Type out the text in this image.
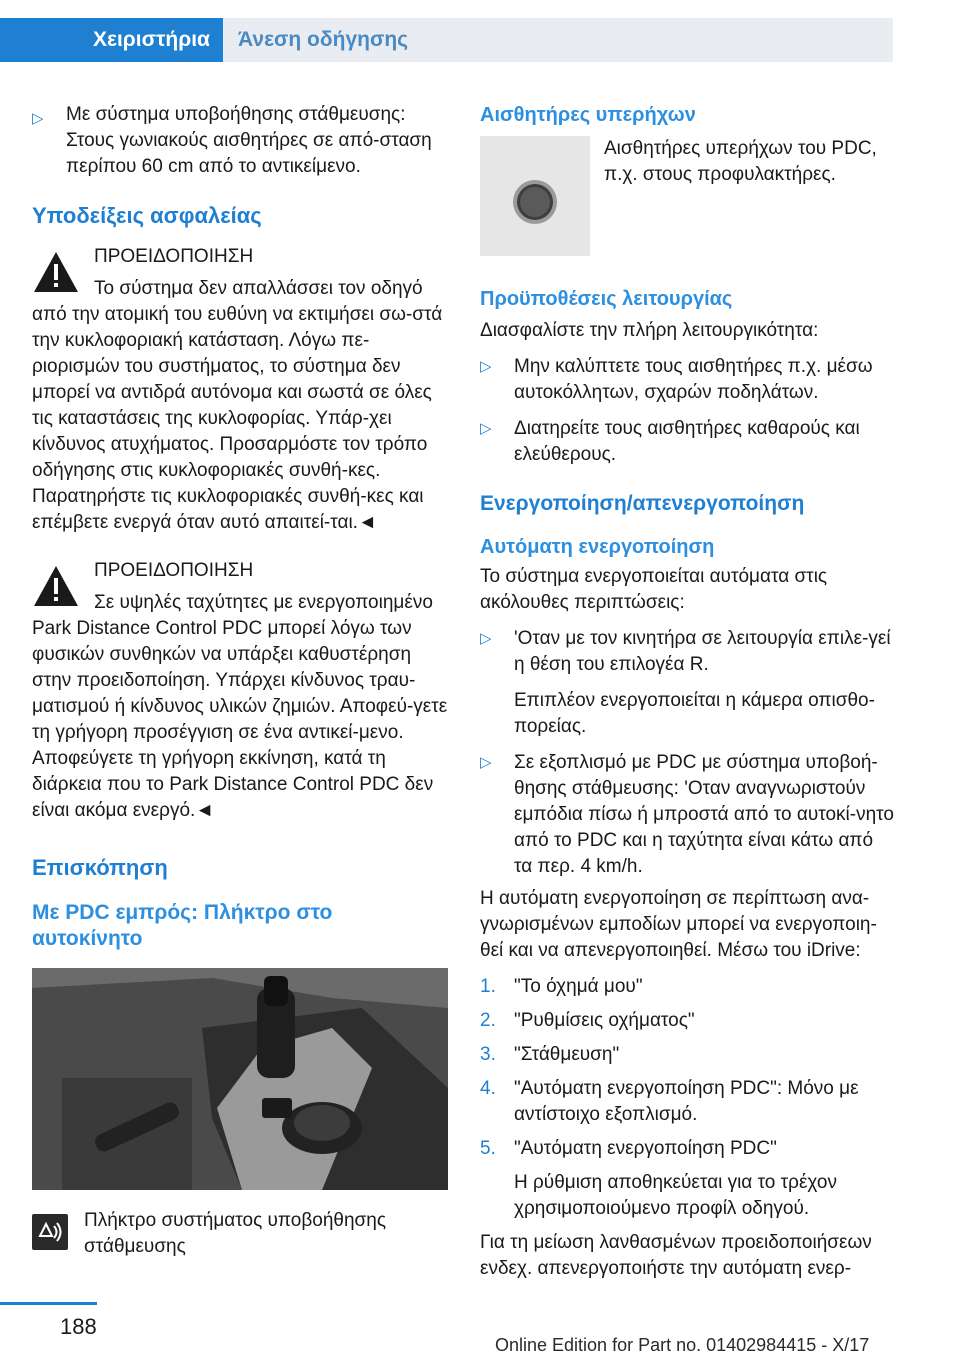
Χειριστήρια	Άνεση οδήγησης
▷ Με σύστημα υποβοήθησης στάθμευσης: Στους γωνιακούς αισθητήρες σε από-σταση περίπου 60 cm από το αντικείμενο.
Υποδείξεις ασφαλείας

ΠΡΟΕΙΔΟΠΟΙΗΣΗ

Το σύστημα δεν απαλλάσσει τον οδηγό από την ατομική του ευθύνη να εκτιμήσει σω-στά την κυκλοφοριακή κατάσταση. Λόγω πε-ριορισμών του συστήματος, το σύστημα δεν μπορεί να αντιδρά αυτόνομα και σωστά σε όλες τις καταστάσεις της κυκλοφορίας. Υπάρ-χει κίνδυνος ατυχήματος. Προσαρμόστε τον τρόπο οδήγησης στις κυκλοφοριακές συνθή-κες. Παρατηρήστε τις κυκλοφοριακές συνθή-κες και επέμβετε ενεργά όταν αυτό απαιτεί-ται.◄

ΠΡΟΕΙΔΟΠΟΙΗΣΗ

Σε υψηλές ταχύτητες με ενεργοποιημένο Park Distance Control PDC μπορεί λόγω των φυσικών συνθηκών να υπάρξει καθυστέρηση στην προειδοποίηση. Υπάρχει κίνδυνος τραυ-ματισμού ή κίνδυνος υλικών ζημιών. Αποφεύ-γετε τη γρήγορη προσέγγιση σε ένα αντικεί-μενο. Αποφεύγετε τη γρήγορη εκκίνηση, κατά τη διάρκεια που το Park Distance Control PDC δεν είναι ακόμα ενεργό.◄

Επισκόπηση
Με PDC εμπρός: Πλήκτρο στο αυτοκίνητο

Πλήκτρο συστήματος υποβοήθησης στάθμευσης

Αισθητήρες υπερήχων

Αισθητήρες υπερήχων του PDC, π.χ. στους προφυλακτήρες.

Προϋποθέσεις λειτουργίας

Διασφαλίστε την πλήρη λειτουργικότητα:

▷ Μην καλύπτετε τους αισθητήρες π.χ. μέσω αυτοκόλλητων, σχαρών ποδηλάτων.
▷ Διατηρείτε τους αισθητήρες καθαρούς και ελεύθερους.
Ενεργοποίηση/απενεργοποίηση
Αυτόματη ενεργοποίηση

Το σύστημα ενεργοποιείται αυτόματα στις ακόλουθες περιπτώσεις:

▷ 'Οταν με τον κινητήρα σε λειτουργία επιλε-γεί η θέση του επιλογέα R.

Επιπλέον ενεργοποιείται η κάμερα οπισθο-πορείας.

▷ Σε εξοπλισμό με PDC με σύστημα υποβοή-θησης στάθμευσης: 'Οταν αναγνωριστούν εμπόδια πίσω ή μπροστά από το αυτοκί-νητο από το PDC και η ταχύτητα είναι κάτω από τα περ. 4 km/h.

Η αυτόματη ενεργοποίηση σε περίπτωση ανα-γνωρισμένων εμποδίων μπορεί να ενεργοποιη-θεί και να απενεργοποιηθεί. Μέσω του iDrive:

1. "Το όχημά μου"
2. "Ρυθμίσεις οχήματος"
3. "Στάθμευση"
4. "Αυτόματη ενεργοποίηση PDC": Μόνο με αντίστοιχο εξοπλισμό.
5. "Αυτόματη ενεργοποίηση PDC"

Η ρύθμιση αποθηκεύεται για το τρέχον χρησιμοποιούμενο προφίλ οδηγού.

Για τη μείωση λανθασμένων προειδοποιήσεων ενδεχ. απενεργοποιήστε την αυτόματη ενερ-

188
Online Edition for Part no. 01402984415 - X/17
